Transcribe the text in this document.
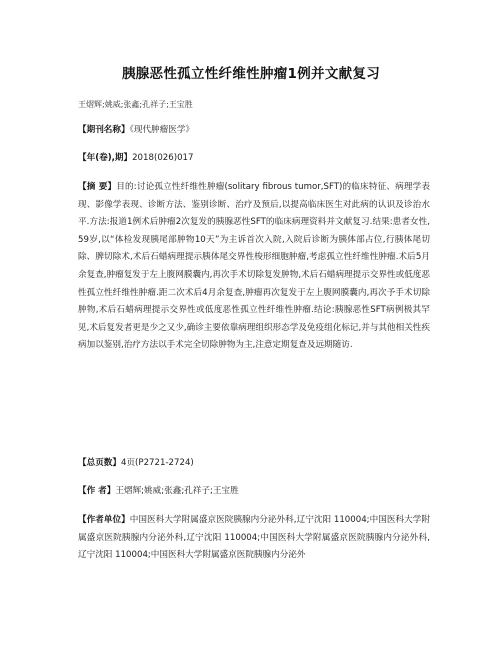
胰腺恶性孤立性纤维性肿瘤1例并文献复习
王熠辉;姚威;张鑫;孔祥子;王宝胜
【期刊名称】《现代肿瘤医学》
【年(卷),期】2018(026)017
【摘 要】目的:讨论孤立性纤维性肿瘤(solitary fibrous tumor,SFT)的临床特征、病理学表现、影像学表现、诊断方法、鉴别诊断、治疗及预后,以提高临床医生对此病的认识及诊治水平.方法:报道1例术后肿瘤2次复发的胰腺恶性SFT的临床病理资料并文献复习.结果:患者女性,59岁,以“体检发现胰尾部肿物10天”为主诉首次入院,入院后诊断为胰体部占位,行胰体尾切除、脾切除术,术后石蜡病理提示胰体尾交界性梭形细胞肿瘤,考虑孤立性纤维性肿瘤.术后5月余复查,肿瘤复发于左上腹网膜囊内,再次手术切除复发肿物,术后石蜡病理提示交界性或低度恶性孤立性纤维性肿瘤.距二次术后4月余复查,肿瘤再次复发于左上腹网膜囊内,再次予手术切除肿物,术后石蜡病理提示交界性或低度恶性孤立性纤维性肿瘤.结论:胰腺恶性SFT病例极其罕见,术后复发者更是少之又少,确诊主要依靠病理组织形态学及免疫组化标记,并与其他相关性疾病加以鉴别,治疗方法以手术完全切除肿物为主,注意定期复查及远期随访.
【总页数】4页(P2721-2724)
【作 者】王熠辉;姚威;张鑫;孔祥子;王宝胜
【作者单位】中国医科大学附属盛京医院胰腺内分泌外科,辽宁沈阳 110004;中国医科大学附属盛京医院胰腺内分泌外科,辽宁沈阳 110004;中国医科大学附属盛京医院胰腺内分泌外科,辽宁沈阳 110004;中国医科大学附属盛京医院胰腺内分泌外
